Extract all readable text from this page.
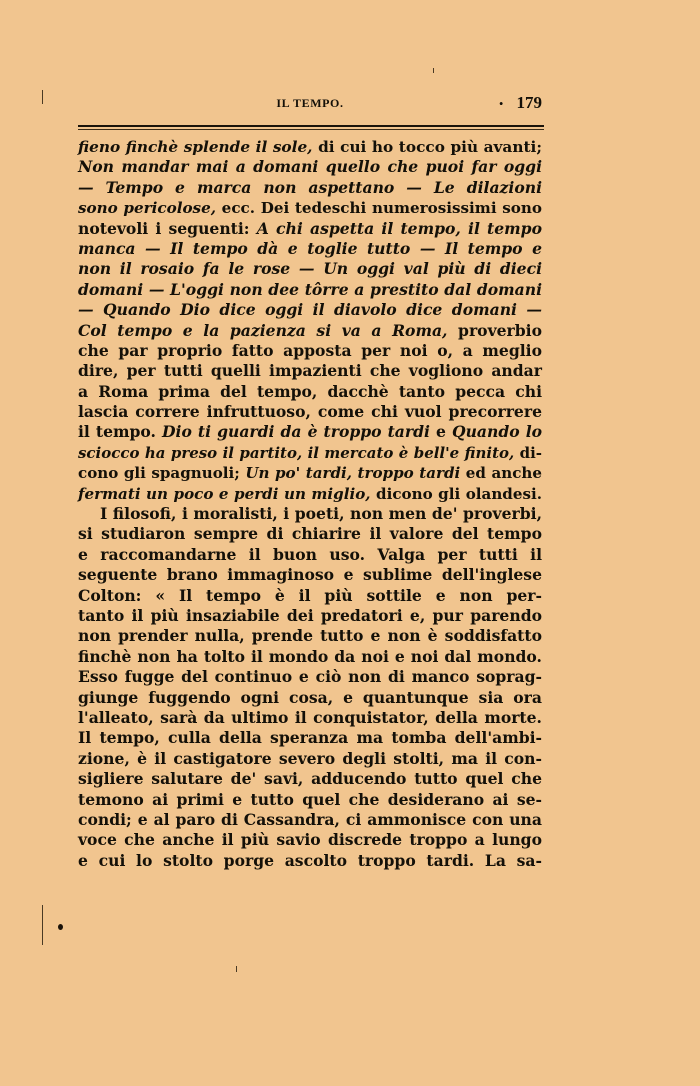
IL TEMPO.	· 179
fieno finchè splende il sole, di cui ho tocco più avanti;
Non mandar mai a domani quello che puoi far oggi
— Tempo e marca non aspettano — Le dilazioni
sono pericolose, ecc. Dei tedeschi numerosissimi sono
notevoli i seguenti: A chi aspetta il tempo, il tempo
manca — Il tempo dà e toglie tutto — Il tempo e
non il rosaio fa le rose — Un oggi val più di dieci
domani — L'oggi non dee tôrre a prestito dal domani
— Quando Dio dice oggi il diavolo dice domani —
Col tempo e la pazienza si va a Roma, proverbio
che par proprio fatto apposta per noi o, a meglio
dire, per tutti quelli impazienti che vogliono andar
a Roma prima del tempo, dacchè tanto pecca chi
lascia correre infruttuoso, come chi vuol precorrere
il tempo. Dio ti guardi da è troppo tardi e Quando lo
sciocco ha preso il partito, il mercato è bell'e finito, di-
cono gli spagnuoli; Un po' tardi, troppo tardi ed anche
fermati un poco e perdi un miglio, dicono gli olandesi.
I filosofi, i moralisti, i poeti, non men de' proverbi,
si studiaron sempre di chiarire il valore del tempo
e raccomandarne il buon uso. Valga per tutti il
seguente brano immaginoso e sublime dell'inglese
Colton: « Il tempo è il più sottile e non per-
tanto il più insaziabile dei predatori e, pur parendo
non prender nulla, prende tutto e non è soddisfatto
finchè non ha tolto il mondo da noi e noi dal mondo.
Esso fugge del continuo e ciò non di manco soprag-
giunge fuggendo ogni cosa, e quantunque sia ora
l'alleato, sarà da ultimo il conquistator, della morte.
Il tempo, culla della speranza ma tomba dell'ambi-
zione, è il castigatore severo degli stolti, ma il con-
sigliere salutare de' savi, adducendo tutto quel che
temono ai primi e tutto quel che desiderano ai se-
condi; e al paro di Cassandra, ci ammonisce con una
voce che anche il più savio discrede troppo a lungo
e cui lo stolto porge ascolto troppo tardi. La sa-
